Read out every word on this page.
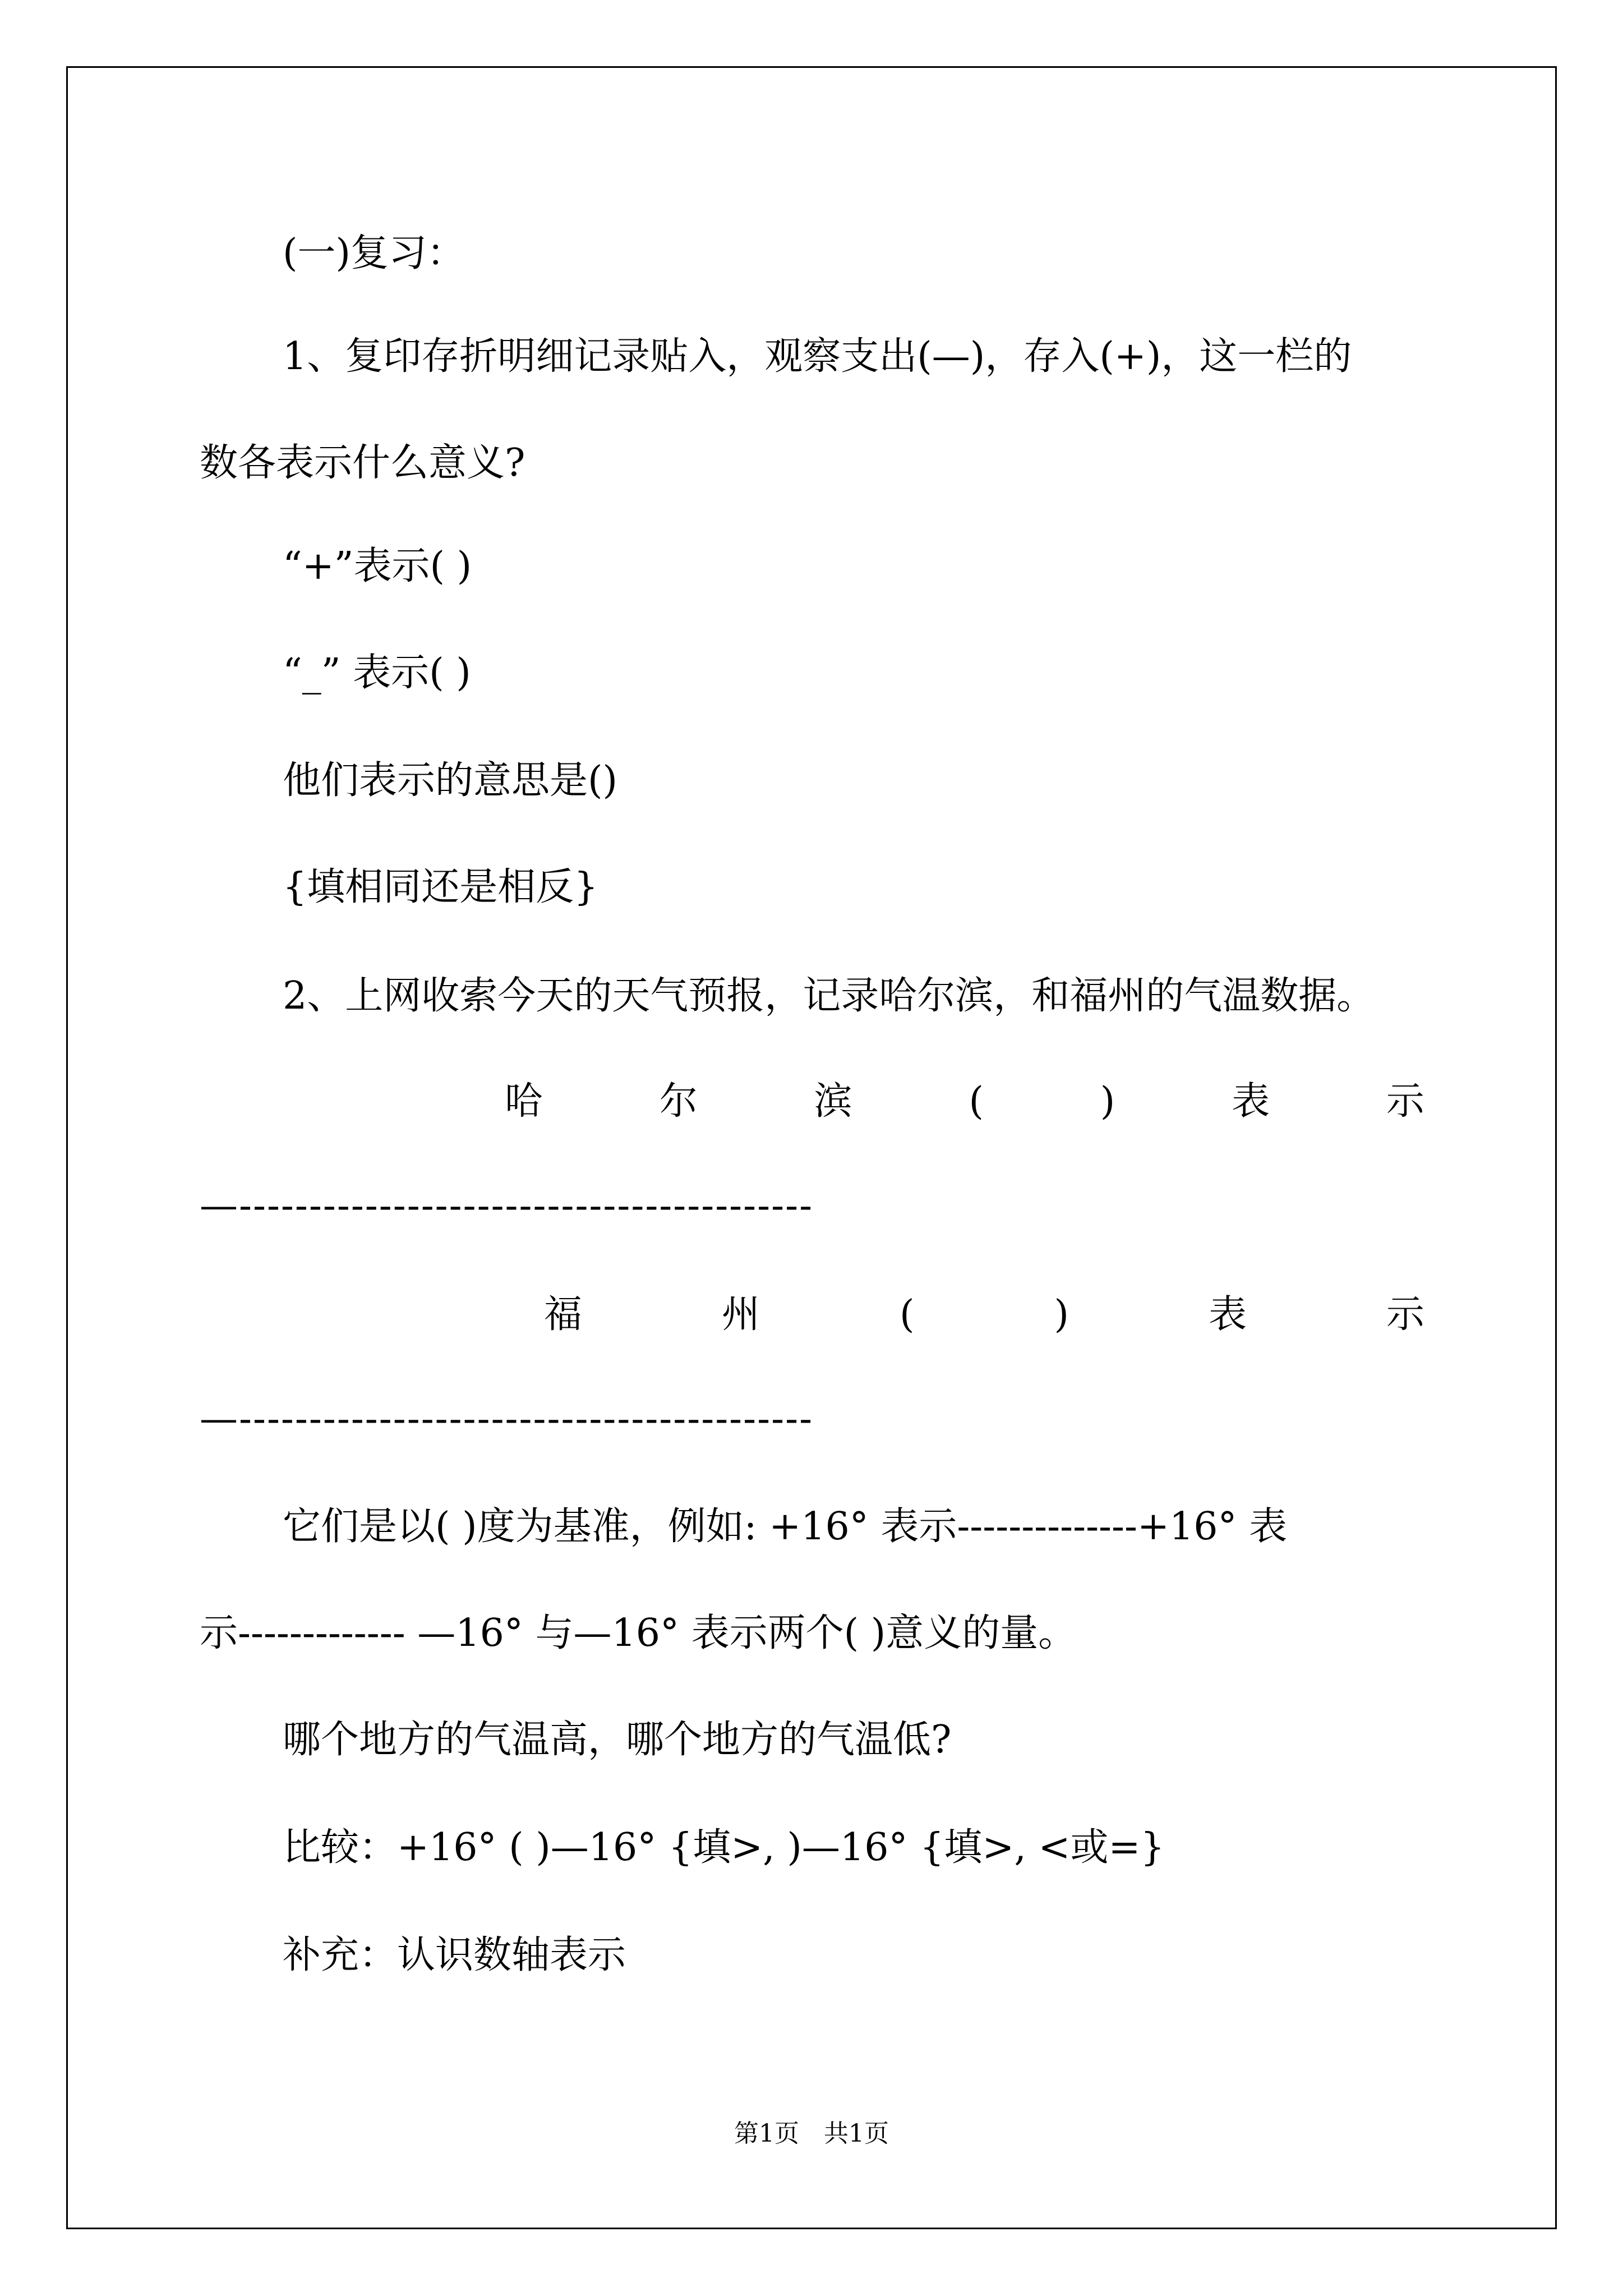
(一)复习：
1、复印存折明细记录贴入，观察支出(—)，存入(+)，这一栏的
数各表示什么意义?
“+”表示( )
“_” 表示( )
他们表示的意思是()
{填相同还是相反}
2、上网收索今天的天气预报，记录哈尔滨，和福州的气温数据。
哈	尔	滨	(	)	表	示
—-----------------------------------------
福	州	(	)	表	示
—-----------------------------------------
它们是以( )度为基准，例如: +16° 表示--------------+16° 表
示------------- —16° 与—16° 表示两个( )意义的量。
哪个地方的气温高，哪个地方的气温低?
比较：+16° ( )—16° {填>, )—16° {填>, <或=}
补充：认识数轴表示
第1页　共1页
